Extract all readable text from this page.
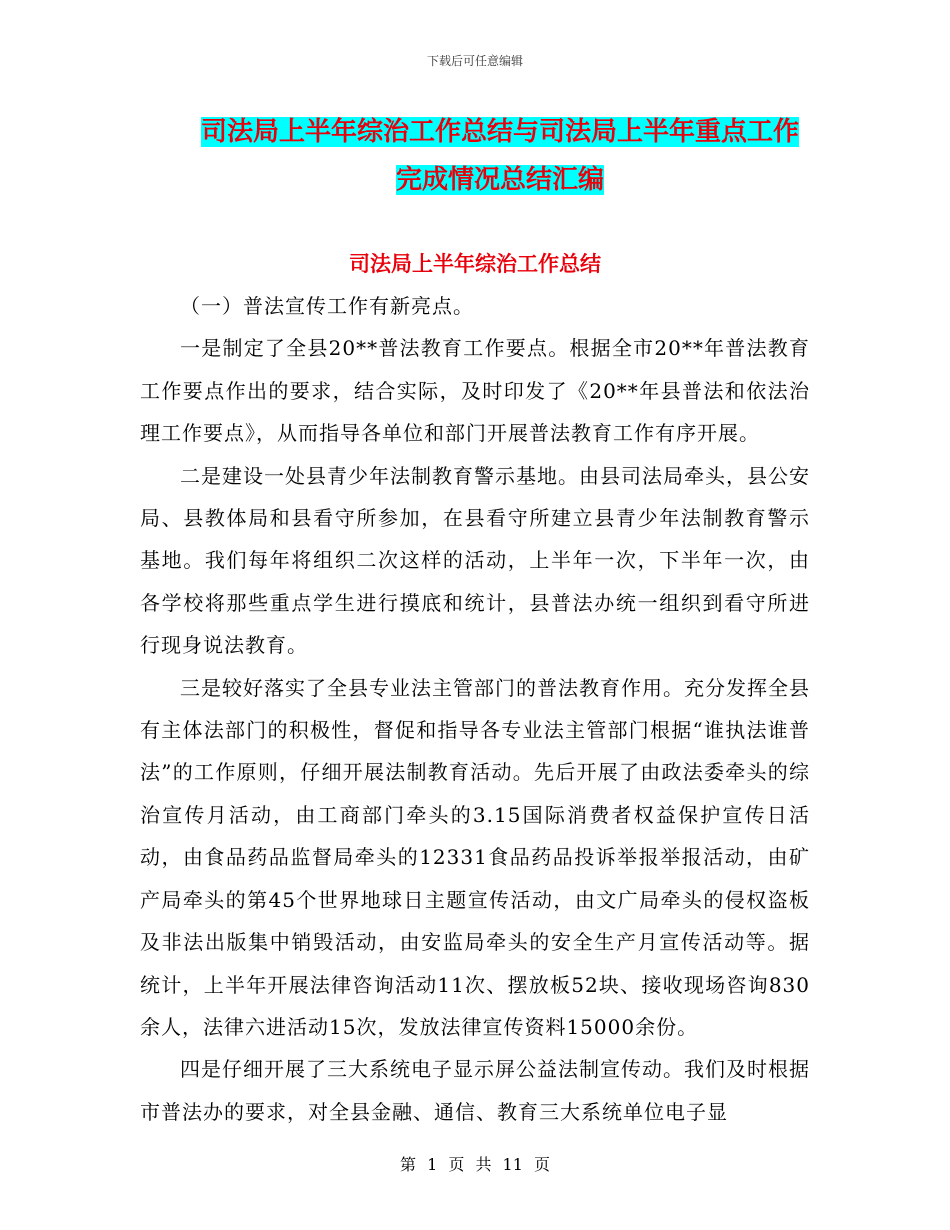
下载后可任意编辑
司法局上半年综治工作总结与司法局上半年重点工作
完成情况总结汇编
司法局上半年综治工作总结

（一）普法宣传工作有新亮点。

一是制定了全县20**普法教育工作要点。根据全市20**年普法教育工作要点作出的要求，结合实际，及时印发了《20**年县普法和依法治理工作要点》，从而指导各单位和部门开展普法教育工作有序开展。

二是建设一处县青少年法制教育警示基地。由县司法局牵头，县公安局、县教体局和县看守所参加，在县看守所建立县青少年法制教育警示基地。我们每年将组织二次这样的活动，上半年一次，下半年一次，由各学校将那些重点学生进行摸底和统计，县普法办统一组织到看守所进行现身说法教育。

三是较好落实了全县专业法主管部门的普法教育作用。充分发挥全县有主体法部门的积极性，督促和指导各专业法主管部门根据“谁执法谁普法”的工作原则，仔细开展法制教育活动。先后开展了由政法委牵头的综治宣传月活动，由工商部门牵头的3.15国际消费者权益保护宣传日活动，由食品药品监督局牵头的12331食品药品投诉举报举报活动，由矿产局牵头的第45个世界地球日主题宣传活动，由文广局牵头的侵权盗板及非法出版集中销毁活动，由安监局牵头的安全生产月宣传活动等。据统计，上半年开展法律咨询活动11次、摆放板52块、接收现场咨询830余人，法律六进活动15次，发放法律宣传资料15000余份。

四是仔细开展了三大系统电子显示屏公益法制宣传动。我们及时根据市普法办的要求，对全县金融、通信、教育三大系统单位电子显

第 1 页 共 11 页
